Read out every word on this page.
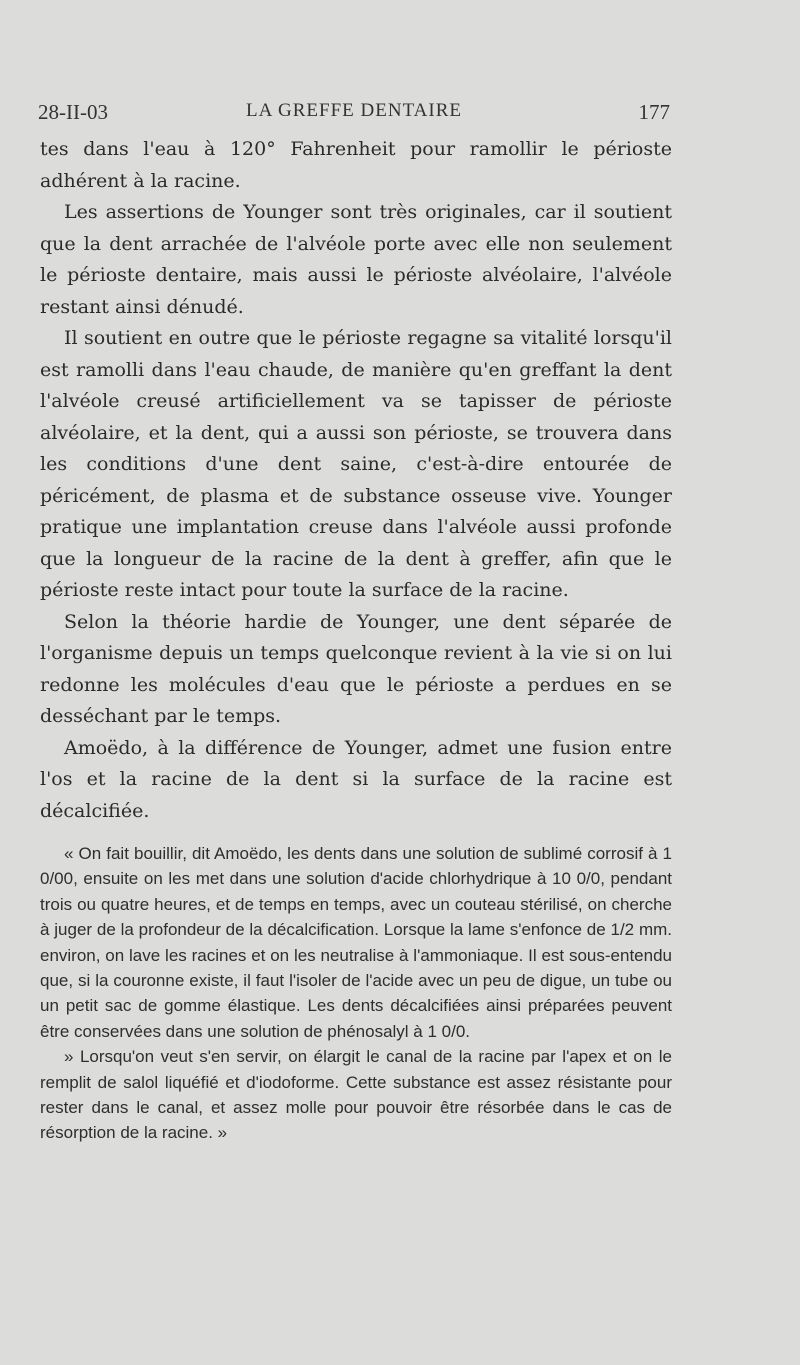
28-II-03	LA GREFFE DENTAIRE	177

tes dans l'eau à 120° Fahrenheit pour ramollir le périoste adhérent à la racine.

Les assertions de Younger sont très originales, car il soutient que la dent arrachée de l'alvéole porte avec elle non seulement le périoste dentaire, mais aussi le périoste alvéolaire, l'alvéole restant ainsi dénudé.

Il soutient en outre que le périoste regagne sa vitalité lorsqu'il est ramolli dans l'eau chaude, de manière qu'en greffant la dent l'alvéole creusé artificiellement va se tapisser de périoste alvéolaire, et la dent, qui a aussi son périoste, se trouvera dans les conditions d'une dent saine, c'est-à-dire entourée de péricément, de plasma et de substance osseuse vive. Younger pratique une implantation creuse dans l'alvéole aussi profonde que la longueur de la racine de la dent à greffer, afin que le périoste reste intact pour toute la surface de la racine.

Selon la théorie hardie de Younger, une dent séparée de l'organisme depuis un temps quelconque revient à la vie si on lui redonne les molécules d'eau que le périoste a perdues en se desséchant par le temps.

Amoëdo, à la différence de Younger, admet une fusion entre l'os et la racine de la dent si la surface de la racine est décalcifiée.

« On fait bouillir, dit Amoëdo, les dents dans une solution de sublimé corrosif à 1 0/00, ensuite on les met dans une solution d'acide chlorhydrique à 10 0/0, pendant trois ou quatre heures, et de temps en temps, avec un couteau stérilisé, on cherche à juger de la profondeur de la décalcification. Lorsque la lame s'enfonce de 1/2 mm. environ, on lave les racines et on les neutralise à l'ammoniaque. Il est sous-entendu que, si la couronne existe, il faut l'isoler de l'acide avec un peu de digue, un tube ou un petit sac de gomme élastique. Les dents décalcifiées ainsi préparées peuvent être conservées dans une solution de phénosalyl à 1 0/0.

» Lorsqu'on veut s'en servir, on élargit le canal de la racine par l'apex et on le remplit de salol liquéfié et d'iodoforme. Cette substance est assez résistante pour rester dans le canal, et assez molle pour pouvoir être résorbée dans le cas de résorption de la racine. »
